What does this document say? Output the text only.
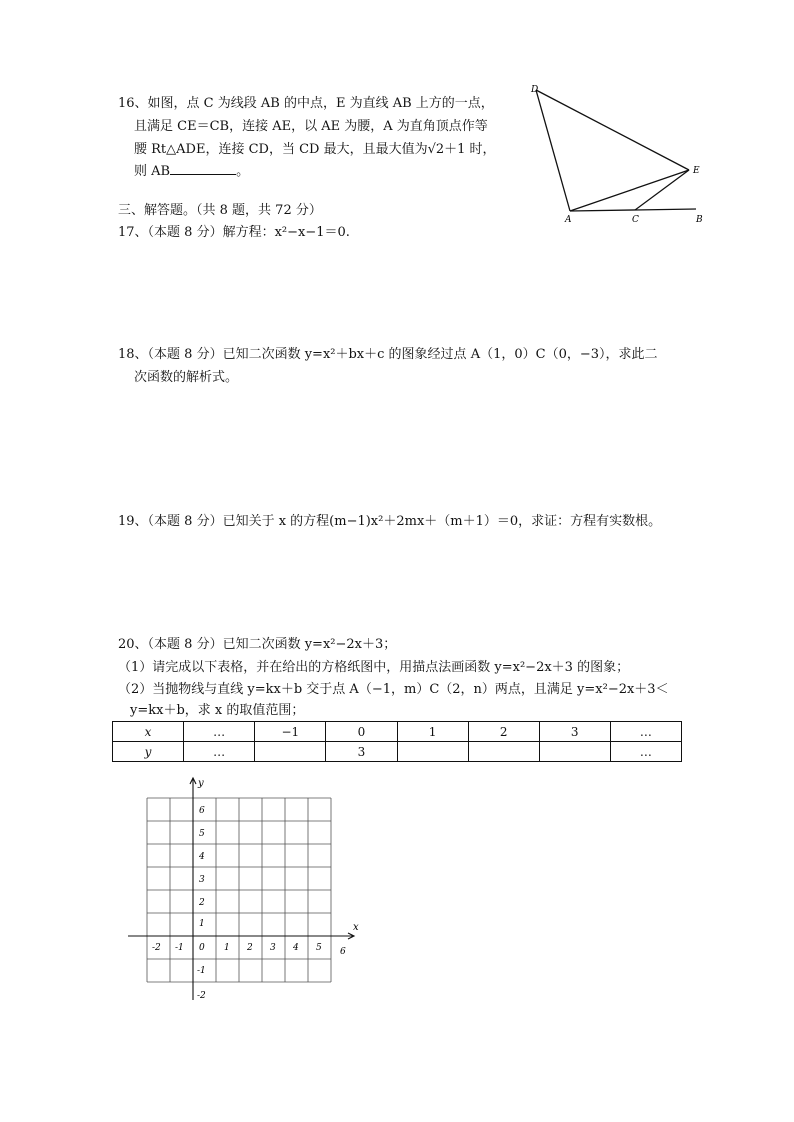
16、如图，点 C 为线段 AB 的中点，E 为直线 AB 上方的一点，
且满足 CE＝CB，连接 AE，以 AE 为腰，A 为直角顶点作等
腰 Rt△ADE，连接 CD，当 CD 最大，且最大值为√2＋1 时，
则 AB	。
D
E
A	C	B
三、解答题。（共 8 题，共 72 分）
17、（本题 8 分）解方程：x²−x−1＝0.
18、（本题 8 分）已知二次函数 y=x²＋bx＋c 的图象经过点 A（1，0）C（0，−3），求此二
次函数的解析式。
19、（本题 8 分）已知关于 x 的方程(m−1)x²＋2mx＋（m＋1）＝0，求证：方程有实数根。
20、（本题 8 分）已知二次函数 y=x²−2x＋3；
（1）请完成以下表格，并在给出的方格纸图中，用描点法画函数 y=x²−2x＋3 的图象；
（2）当抛物线与直线 y=kx＋b 交于点 A（−1，m）C（2，n）两点，且满足 y=x²−2x＋3＜
y=kx＋b，求 x 的取值范围；
x	…	−1	0	1	2	3	…
y	…		3				…
x
y
-2 -1 0 1 2 3 4 5 6
6
5
4
3
2
1
-1
-2
